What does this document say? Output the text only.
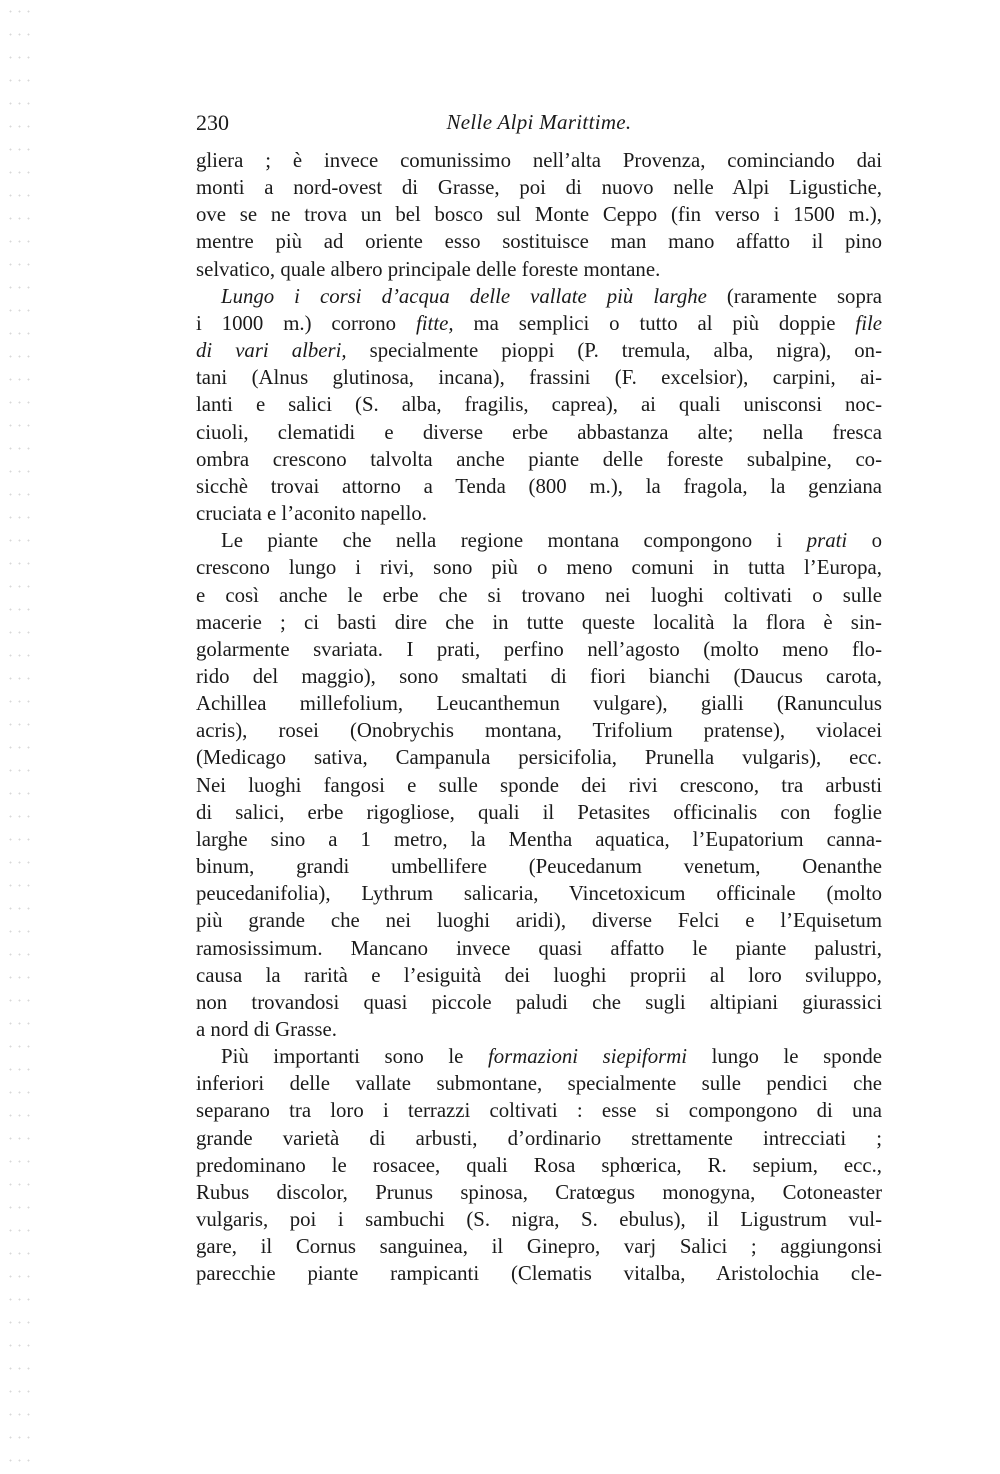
230	Nelle Alpi Marittime.
gliera ; è invece comunissimo nell’alta Provenza, cominciando dai
monti a nord-ovest di Grasse, poi di nuovo nelle Alpi Ligustiche,
ove se ne trova un bel bosco sul Monte Ceppo (fin verso i 1500 m.),
mentre più ad oriente esso sostituisce man mano affatto il pino
selvatico, quale albero principale delle foreste montane.
Lungo i corsi d’acqua delle vallate più larghe (raramente sopra
i 1000 m.) corrono fitte, ma semplici o tutto al più doppie file
di vari alberi, specialmente pioppi (P. tremula, alba, nigra), on-
tani (Alnus glutinosa, incana), frassini (F. excelsior), carpini, ai-
lanti e salici (S. alba, fragilis, caprea), ai quali unisconsi noc-
ciuoli, clematidi e diverse erbe abbastanza alte; nella fresca
ombra crescono talvolta anche piante delle foreste subalpine, co-
sicchè trovai attorno a Tenda (800 m.), la fragola, la genziana
cruciata e l’aconito napello.
Le piante che nella regione montana compongono i prati o
crescono lungo i rivi, sono più o meno comuni in tutta l’Europa,
e così anche le erbe che si trovano nei luoghi coltivati o sulle
macerie ; ci basti dire che in tutte queste località la flora è sin-
golarmente svariata. I prati, perfino nell’agosto (molto meno flo-
rido del maggio), sono smaltati di fiori bianchi (Daucus carota,
Achillea millefolium, Leucanthemun vulgare), gialli (Ranunculus
acris), rosei (Onobrychis montana, Trifolium pratense), violacei
(Medicago sativa, Campanula persicifolia, Prunella vulgaris), ecc.
Nei luoghi fangosi e sulle sponde dei rivi crescono, tra arbusti
di salici, erbe rigogliose, quali il Petasites officinalis con foglie
larghe sino a 1 metro, la Mentha aquatica, l’Eupatorium canna-
binum, grandi umbellifere (Peucedanum venetum, Oenanthe
peucedanifolia), Lythrum salicaria, Vincetoxicum officinale (molto
più grande che nei luoghi aridi), diverse Felci e l’Equisetum
ramosissimum. Mancano invece quasi affatto le piante palustri,
causa la rarità e l’esiguità dei luoghi proprii al loro sviluppo,
non trovandosi quasi piccole paludi che sugli altipiani giurassici
a nord di Grasse.
Più importanti sono le formazioni siepiformi lungo le sponde
inferiori delle vallate submontane, specialmente sulle pendici che
separano tra loro i terrazzi coltivati : esse si compongono di una
grande varietà di arbusti, d’ordinario strettamente intrecciati ;
predominano le rosacee, quali Rosa sphœrica, R. sepium, ecc.,
Rubus discolor, Prunus spinosa, Cratœgus monogyna, Cotoneaster
vulgaris, poi i sambuchi (S. nigra, S. ebulus), il Ligustrum vul-
gare, il Cornus sanguinea, il Ginepro, varj Salici ; aggiungonsi
parecchie piante rampicanti (Clematis vitalba, Aristolochia cle-
